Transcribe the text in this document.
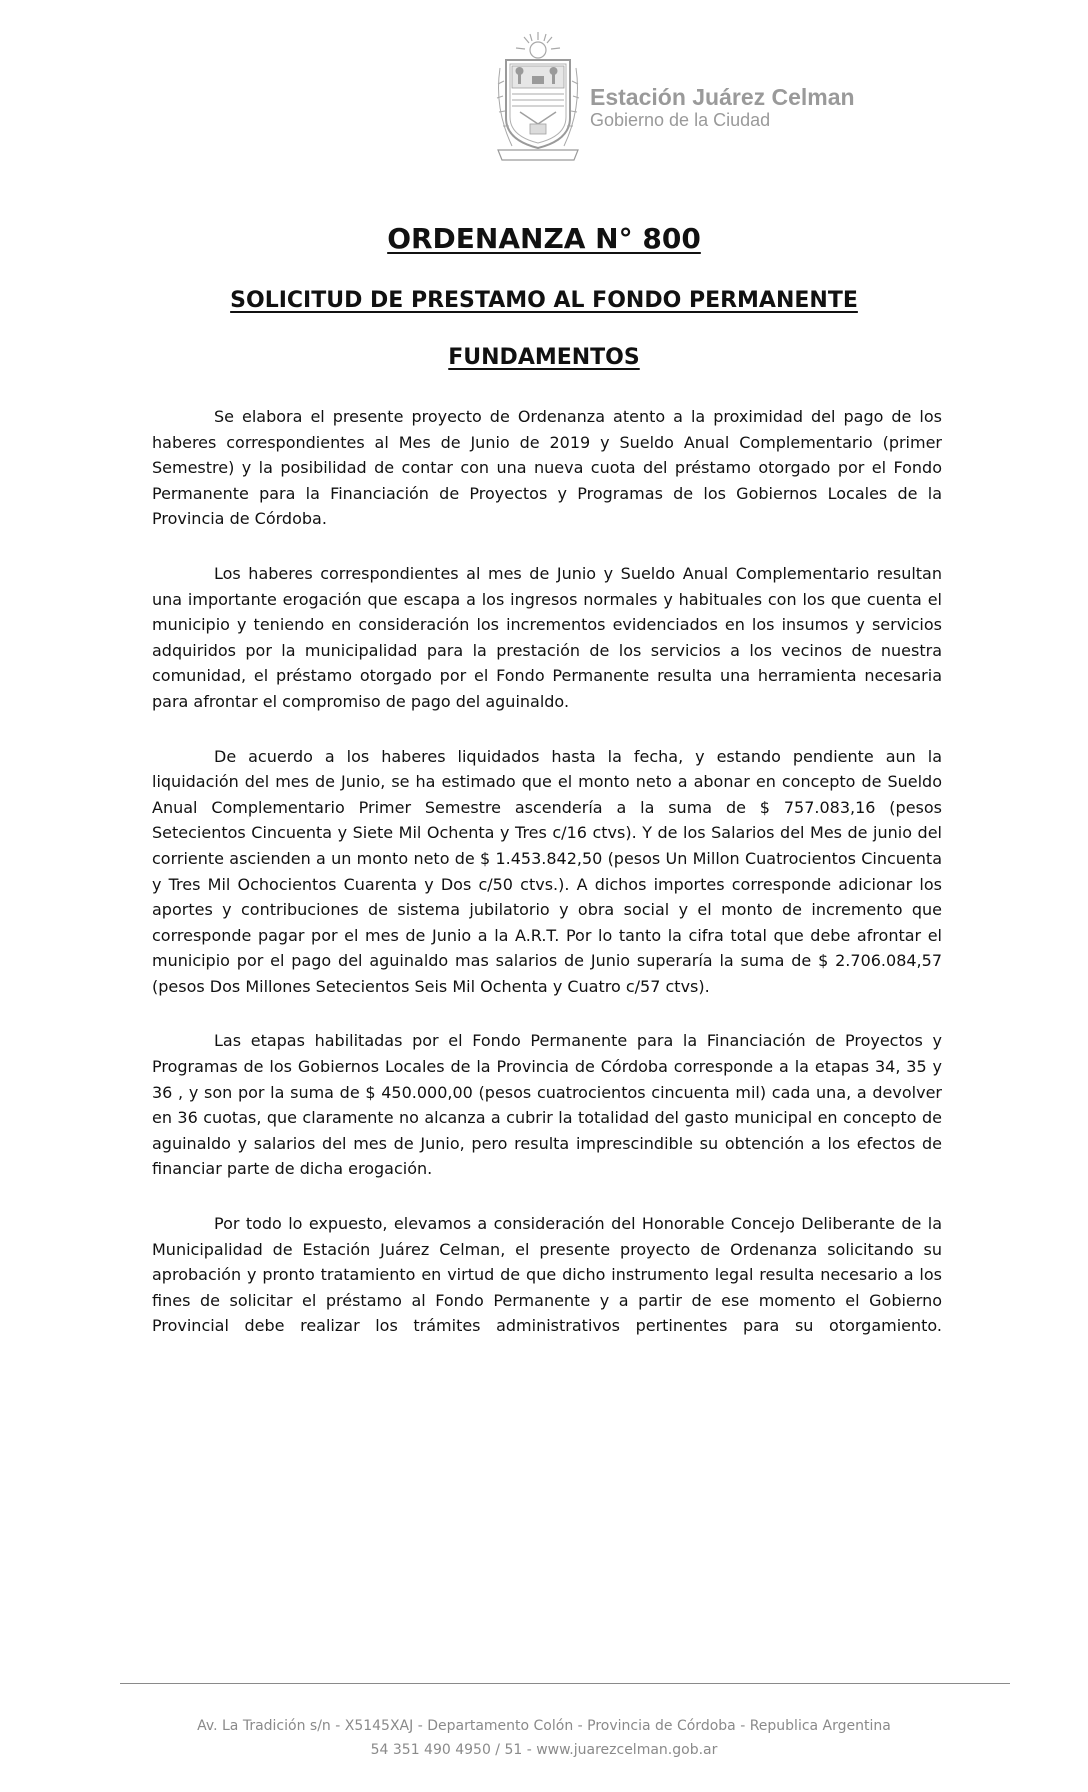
Estación Juárez Celman
Gobierno de la Ciudad
ORDENANZA N° 800
SOLICITUD DE PRESTAMO AL FONDO PERMANENTE
FUNDAMENTOS

Se elabora el presente proyecto de Ordenanza atento a la proximidad del pago de los haberes correspondientes al Mes de Junio de 2019 y Sueldo Anual Complementario (primer Semestre) y la posibilidad de contar con una nueva cuota del préstamo otorgado por el Fondo Permanente para la Financiación de Proyectos y Programas de los Gobiernos Locales de la Provincia de Córdoba.

Los haberes correspondientes al mes de Junio y Sueldo Anual Complementario resultan una importante erogación que escapa a los ingresos normales y habituales con los que cuenta el municipio y teniendo en consideración los incrementos evidenciados en los insumos y servicios adquiridos por la municipalidad para la prestación de los servicios a los vecinos de nuestra comunidad, el préstamo otorgado por el Fondo Permanente resulta una herramienta necesaria para afrontar el compromiso de pago del aguinaldo.

De acuerdo a los haberes liquidados hasta la fecha, y estando pendiente aun la liquidación del mes de Junio, se ha estimado que el monto neto a abonar en concepto de Sueldo Anual Complementario Primer Semestre ascendería a la suma de $ 757.083,16 (pesos Setecientos Cincuenta y Siete Mil Ochenta y Tres c/16 ctvs). Y de los Salarios del Mes de junio del corriente ascienden a un monto neto de $ 1.453.842,50 (pesos Un Millon Cuatrocientos Cincuenta y Tres Mil Ochocientos Cuarenta y Dos c/50 ctvs.). A dichos importes corresponde adicionar los aportes y contribuciones de sistema jubilatorio y obra social y el monto de incremento que corresponde pagar por el mes de Junio a la A.R.T. Por lo tanto la cifra total que debe afrontar el municipio por el pago del aguinaldo mas salarios de Junio superaría la suma de $ 2.706.084,57 (pesos Dos Millones Setecientos Seis Mil Ochenta y Cuatro c/57 ctvs).

Las etapas habilitadas por el Fondo Permanente para la Financiación de Proyectos y Programas de los Gobiernos Locales de la Provincia de Córdoba corresponde a la etapas 34, 35 y 36 , y son por la suma de $ 450.000,00 (pesos cuatrocientos cincuenta mil) cada una, a devolver en 36 cuotas, que claramente no alcanza a cubrir la totalidad del gasto municipal en concepto de aguinaldo y salarios del mes de Junio, pero resulta imprescindible su obtención a los efectos de financiar parte de dicha erogación.

Por todo lo expuesto, elevamos a consideración del Honorable Concejo Deliberante de la Municipalidad de Estación Juárez Celman, el presente proyecto de Ordenanza solicitando su aprobación y pronto tratamiento en virtud de que dicho instrumento legal resulta necesario a los fines de solicitar el préstamo al Fondo Permanente y a partir de ese momento el Gobierno Provincial debe realizar los trámites administrativos pertinentes para su otorgamiento.

Av. La Tradición s/n - X5145XAJ - Departamento Colón - Provincia de Córdoba - Republica Argentina
54 351 490 4950 / 51 - www.juarezcelman.gob.ar
